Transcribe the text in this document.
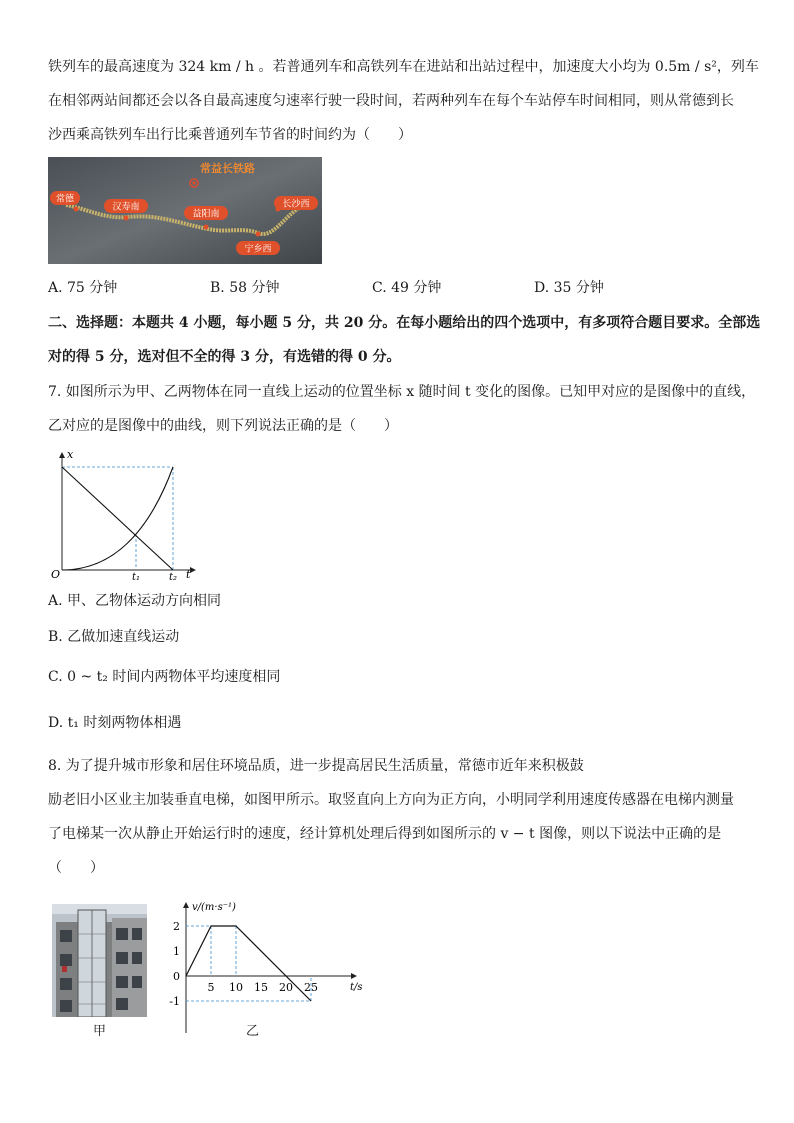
铁列车的最高速度为 324 km / h 。若普通列车和高铁列车在进站和出站过程中，加速度大小均为 0.5m / s²，列车
在相邻两站间都还会以各自最高速度匀速率行驶一段时间，若两种列车在每个车站停车时间相同，则从常德到长
沙西乘高铁列车出行比乘普通列车节省的时间约为（　　）
常益长铁路
常德
汉寿南
益阳南
宁乡西
长沙西
A. 75 分钟	B. 58 分钟	C. 49 分钟	D. 35 分钟
二、选择题：本题共 4 小题，每小题 5 分，共 20 分。在每小题给出的四个选项中，有多项符合题目要求。全部选
对的得 5 分，选对但不全的得 3 分，有选错的得 0 分。
7. 如图所示为甲、乙两物体在同一直线上运动的位置坐标 x 随时间 t 变化的图像。已知甲对应的是图像中的直线，
乙对应的是图像中的曲线，则下列说法正确的是（　　）
x
t
O	t₁	t₂
A. 甲、乙物体运动方向相同
B. 乙做加速直线运动
C. 0 ~ t₂ 时间内两物体平均速度相同
D. t₁ 时刻两物体相遇
8. 为了提升城市形象和居住环境品质，进一步提高居民生活质量，常德市近年来积极鼓
励老旧小区业主加装垂直电梯，如图甲所示。取竖直向上方向为正方向，小明同学利用速度传感器在电梯内测量
了电梯某一次从静止开始运行时的速度，经计算机处理后得到如图所示的 v − t 图像，则以下说法中正确的是
（　　）
甲
v/(m·s⁻¹)
t/s
5 10 15 20 25
2
1
0
-1
乙
